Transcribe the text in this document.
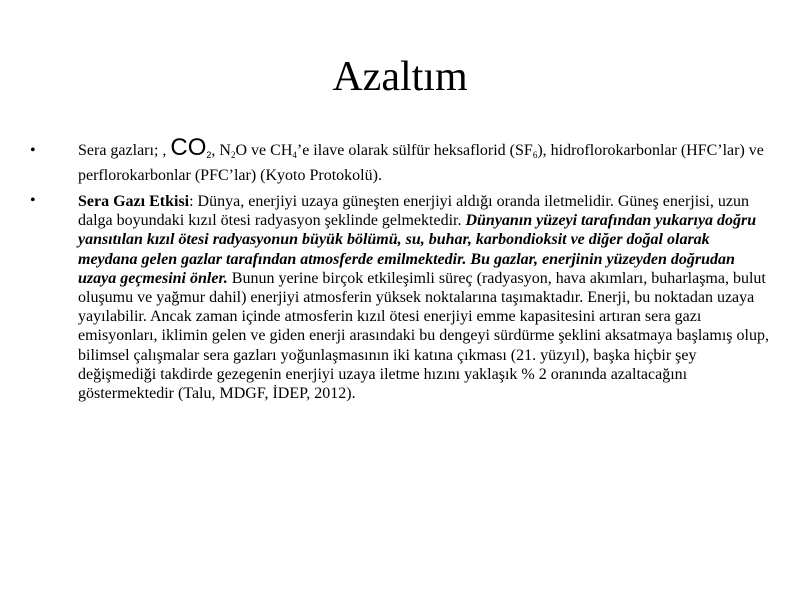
Azaltım
•	Sera gazları; , $CO_2$, $N_2O$ ve $CH_4’e$ ilave olarak sülfür heksaflorid $(SF_6)$, hidroflorokarbonlar (HFC’lar) ve perflorokarbonlar (PFC’lar) (Kyoto Protokolü).
•	Sera Gazı Etkisi: Dünya, enerjiyi uzaya güneşten enerjiyi aldığı oranda iletmelidir. Güneş enerjisi, uzun dalga boyundaki kızıl ötesi radyasyon şeklinde gelmektedir. Dünyanın yüzeyi tarafından yukarıya doğru yansıtılan kızıl ötesi radyasyonun büyük bölümü, su, buhar, karbondioksit ve diğer doğal olarak meydana gelen gazlar tarafından atmosferde emilmektedir. Bu gazlar, enerjinin yüzeyden doğrudan uzaya geçmesini önler. Bunun yerine birçok etkileşimli süreç (radyasyon, hava akımları, buharlaşma, bulut oluşumu ve yağmur dahil) enerjiyi atmosferin yüksek noktalarına taşımaktadır. Enerji, bu noktadan uzaya yayılabilir. Ancak zaman içinde atmosferin kızıl ötesi enerjiyi emme kapasitesini artıran sera gazı emisyonları, iklimin gelen ve giden enerji arasındaki bu dengeyi sürdürme şeklini aksatmaya başlamış olup, bilimsel çalışmalar sera gazları yoğunlaşmasının iki katına çıkması (21. yüzyıl), başka hiçbir şey değişmediği takdirde gezegenin enerjiyi uzaya iletme hızını yaklaşık % 2 oranında azaltacağını göstermektedir (Talu, MDGF, İDEP, 2012).
